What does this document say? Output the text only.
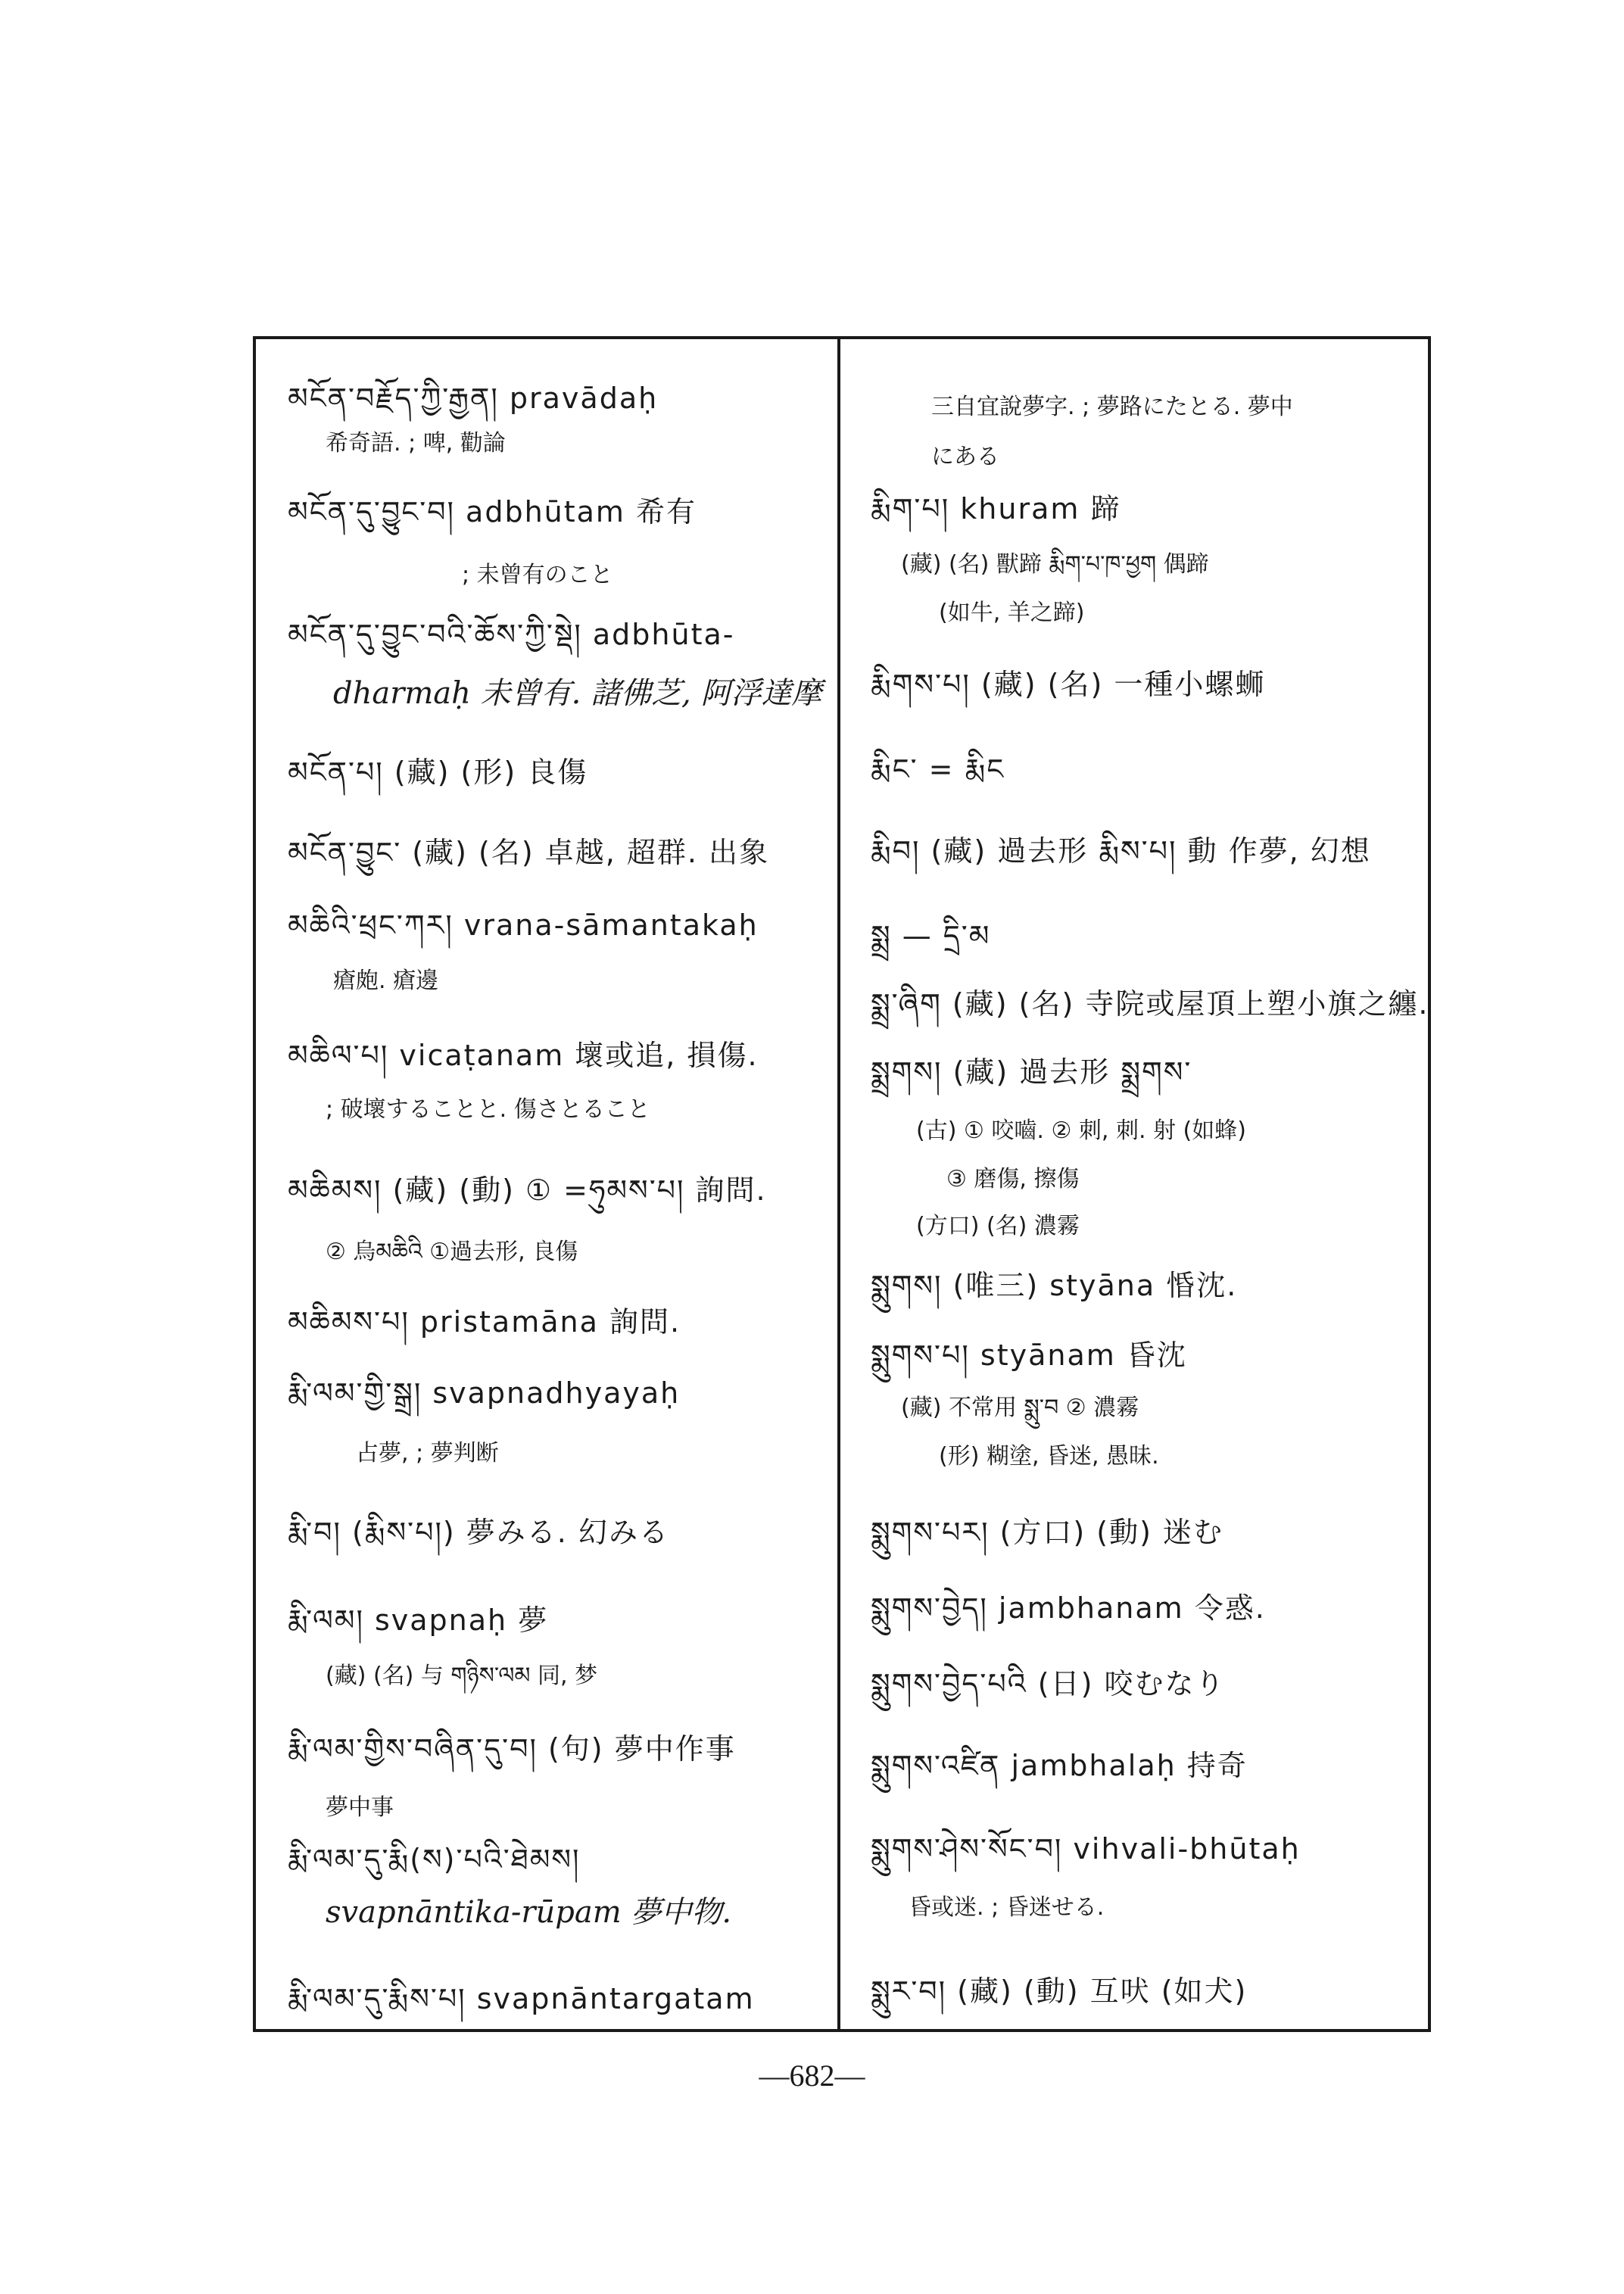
མངོན་བརྗོད་ཀྱི་རྒྱན། pravādaḥ
希奇語. ; 啤, 勸論
མངོན་དུ་བྱུང་བ། adbhūtam 希有
; 未曾有のこと
མངོན་དུ་བྱུང་བའི་ཆོས་ཀྱི་སྡེ། adbhūta-
dharmaḥ 未曾有. 諸佛芝, 阿浮達摩
མངོན་པ། (藏) (形) 良傷
མངོན་བྱུང་ (藏) (名) 卓越, 超群. 出象
མཆིའི་ཕྲང་ཀར། vrana-sāmantakaḥ
瘡皰. 瘡邊
མཆིལ་པ། vicaṭanam 壞或追, 損傷.
; 破壞することと. 傷さとること
མཆིམས། (藏) (動) ① =ཧུམས་པ། 詢問.
② 烏མཆིའི ①過去形, 良傷
མཆིམས་པ། pristamāna 詢問.
རྨི་ལམ་གྱི་སྒྲ། svapnadhyayaḥ
占夢, ; 夢判断
རྨི་བ། (རྨིས་པ།) 夢みる. 幻みる
རྨི་ལམ། svapnaḥ 夢
(藏) (名) 与 གཉིས་ལམ 同, 梦
རྨི་ལམ་གྱིས་བཞིན་དུ་བ། (句) 夢中作事
夢中事
རྨི་ལམ་དུ་རྨི(ས)་པའི་ཐེམས།
svapnāntika-rūpam 夢中物.
རྨི་ལམ་དུ་རྨིས་པ། svapnāntargatam
三自宜說夢字. ; 夢路にたとる. 夢中
にある
རྨིག་པ། khuram 蹄
(藏) (名) 獸蹄 རྨིག་པ་ཁ་ཕྱག 偶蹄
(如牛, 羊之蹄)
རྨིགས་པ། (藏) (名) 一種小螺蛳
རྨིང་ = རྨིང
རྨིབ། (藏) 過去形 རྨིས་པ། 動 作夢, 幻想
སྨྲ — དྲི་མ
སྨྲ་ཞིག (藏) (名) 寺院或屋頂上塑小旗之纏.
སྨྲགས། (藏) 過去形 སྨྲགས་
(古) ① 咬嚙. ② 刺, 刺. 射 (如蜂)
③ 磨傷, 擦傷
(方口) (名) 濃霧
སྨུགས། (唯三) styāna 惛沈.
སྨུགས་པ། styānam 昏沈
(藏) 不常用 སྨུ་བ ② 濃霧
(形) 糊塗, 昏迷, 愚昧.
སྨུགས་པར། (方口) (動) 迷む
སྨུགས་བྱེད། jambhanam 令惑.
སྨུགས་བྱེད་པའི (日) 咬むなり
སྨུགས་འཛིན jambhalaḥ 持奇
སྨུགས་ཤེས་སོང་བ། vihvali-bhūtaḥ
昏或迷. ; 昏迷せる.
སྨུར་བ། (藏) (動) 互吠 (如犬)
—682—
